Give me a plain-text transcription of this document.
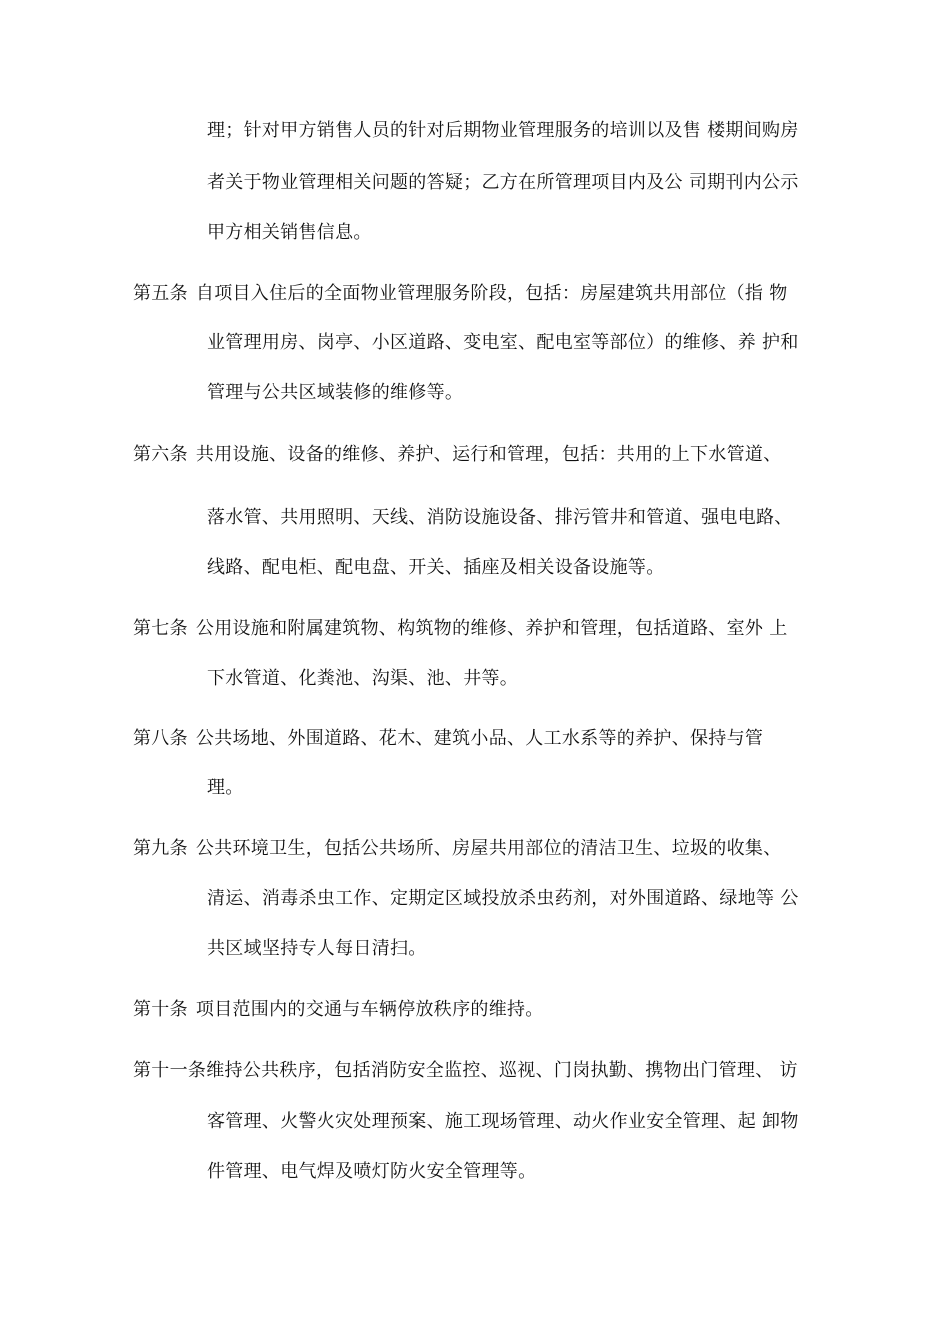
理；针对甲方销售人员的针对后期物业管理服务的培训以及售 楼期间购房
者关于物业管理相关问题的答疑；乙方在所管理项目内及公 司期刊内公示
甲方相关销售信息。
第五条 自项目入住后的全面物业管理服务阶段，包括：房屋建筑共用部位（指 物
业管理用房、岗亭、小区道路、变电室、配电室等部位）的维修、养 护和
管理与公共区域装修的维修等。
第六条 共用设施、设备的维修、养护、运行和管理，包括：共用的上下水管道、
落水管、共用照明、天线、消防设施设备、排污管井和管道、强电电路、
线路、配电柜、配电盘、开关、插座及相关设备设施等。
第七条 公用设施和附属建筑物、构筑物的维修、养护和管理，包括道路、室外 上
下水管道、化粪池、沟渠、池、井等。
第八条 公共场地、外围道路、花木、建筑小品、人工水系等的养护、保持与管
理。
第九条 公共环境卫生，包括公共场所、房屋共用部位的清洁卫生、垃圾的收集、
清运、消毒杀虫工作、定期定区域投放杀虫药剂，对外围道路、绿地等 公
共区域坚持专人每日清扫。
第十条 项目范围内的交通与车辆停放秩序的维持。
第十一条维持公共秩序，包括消防安全监控、巡视、门岗执勤、携物出门管理、 访
客管理、火警火灾处理预案、施工现场管理、动火作业安全管理、起 卸物
件管理、电气焊及喷灯防火安全管理等。
